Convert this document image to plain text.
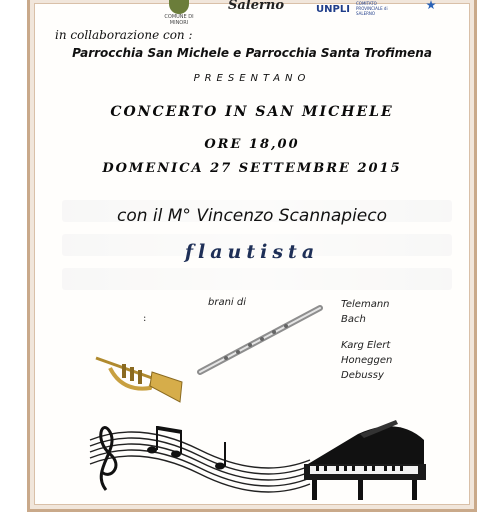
COMUNE DI MINORI
Salerno	UNPLI
COMITATO PROVINCIALE di SALERNO
in collaborazione con :
Parrocchia San Michele e Parrocchia Santa Trofimena
PRESENTANO
CONCERTO IN SAN MICHELE
ORE 18,00
DOMENICA 27 SETTEMBRE 2015
con il M° Vincenzo Scannapieco
flautista
brani di
:
Telemann
Bach
Karg Elert
Honeggen
Debussy
